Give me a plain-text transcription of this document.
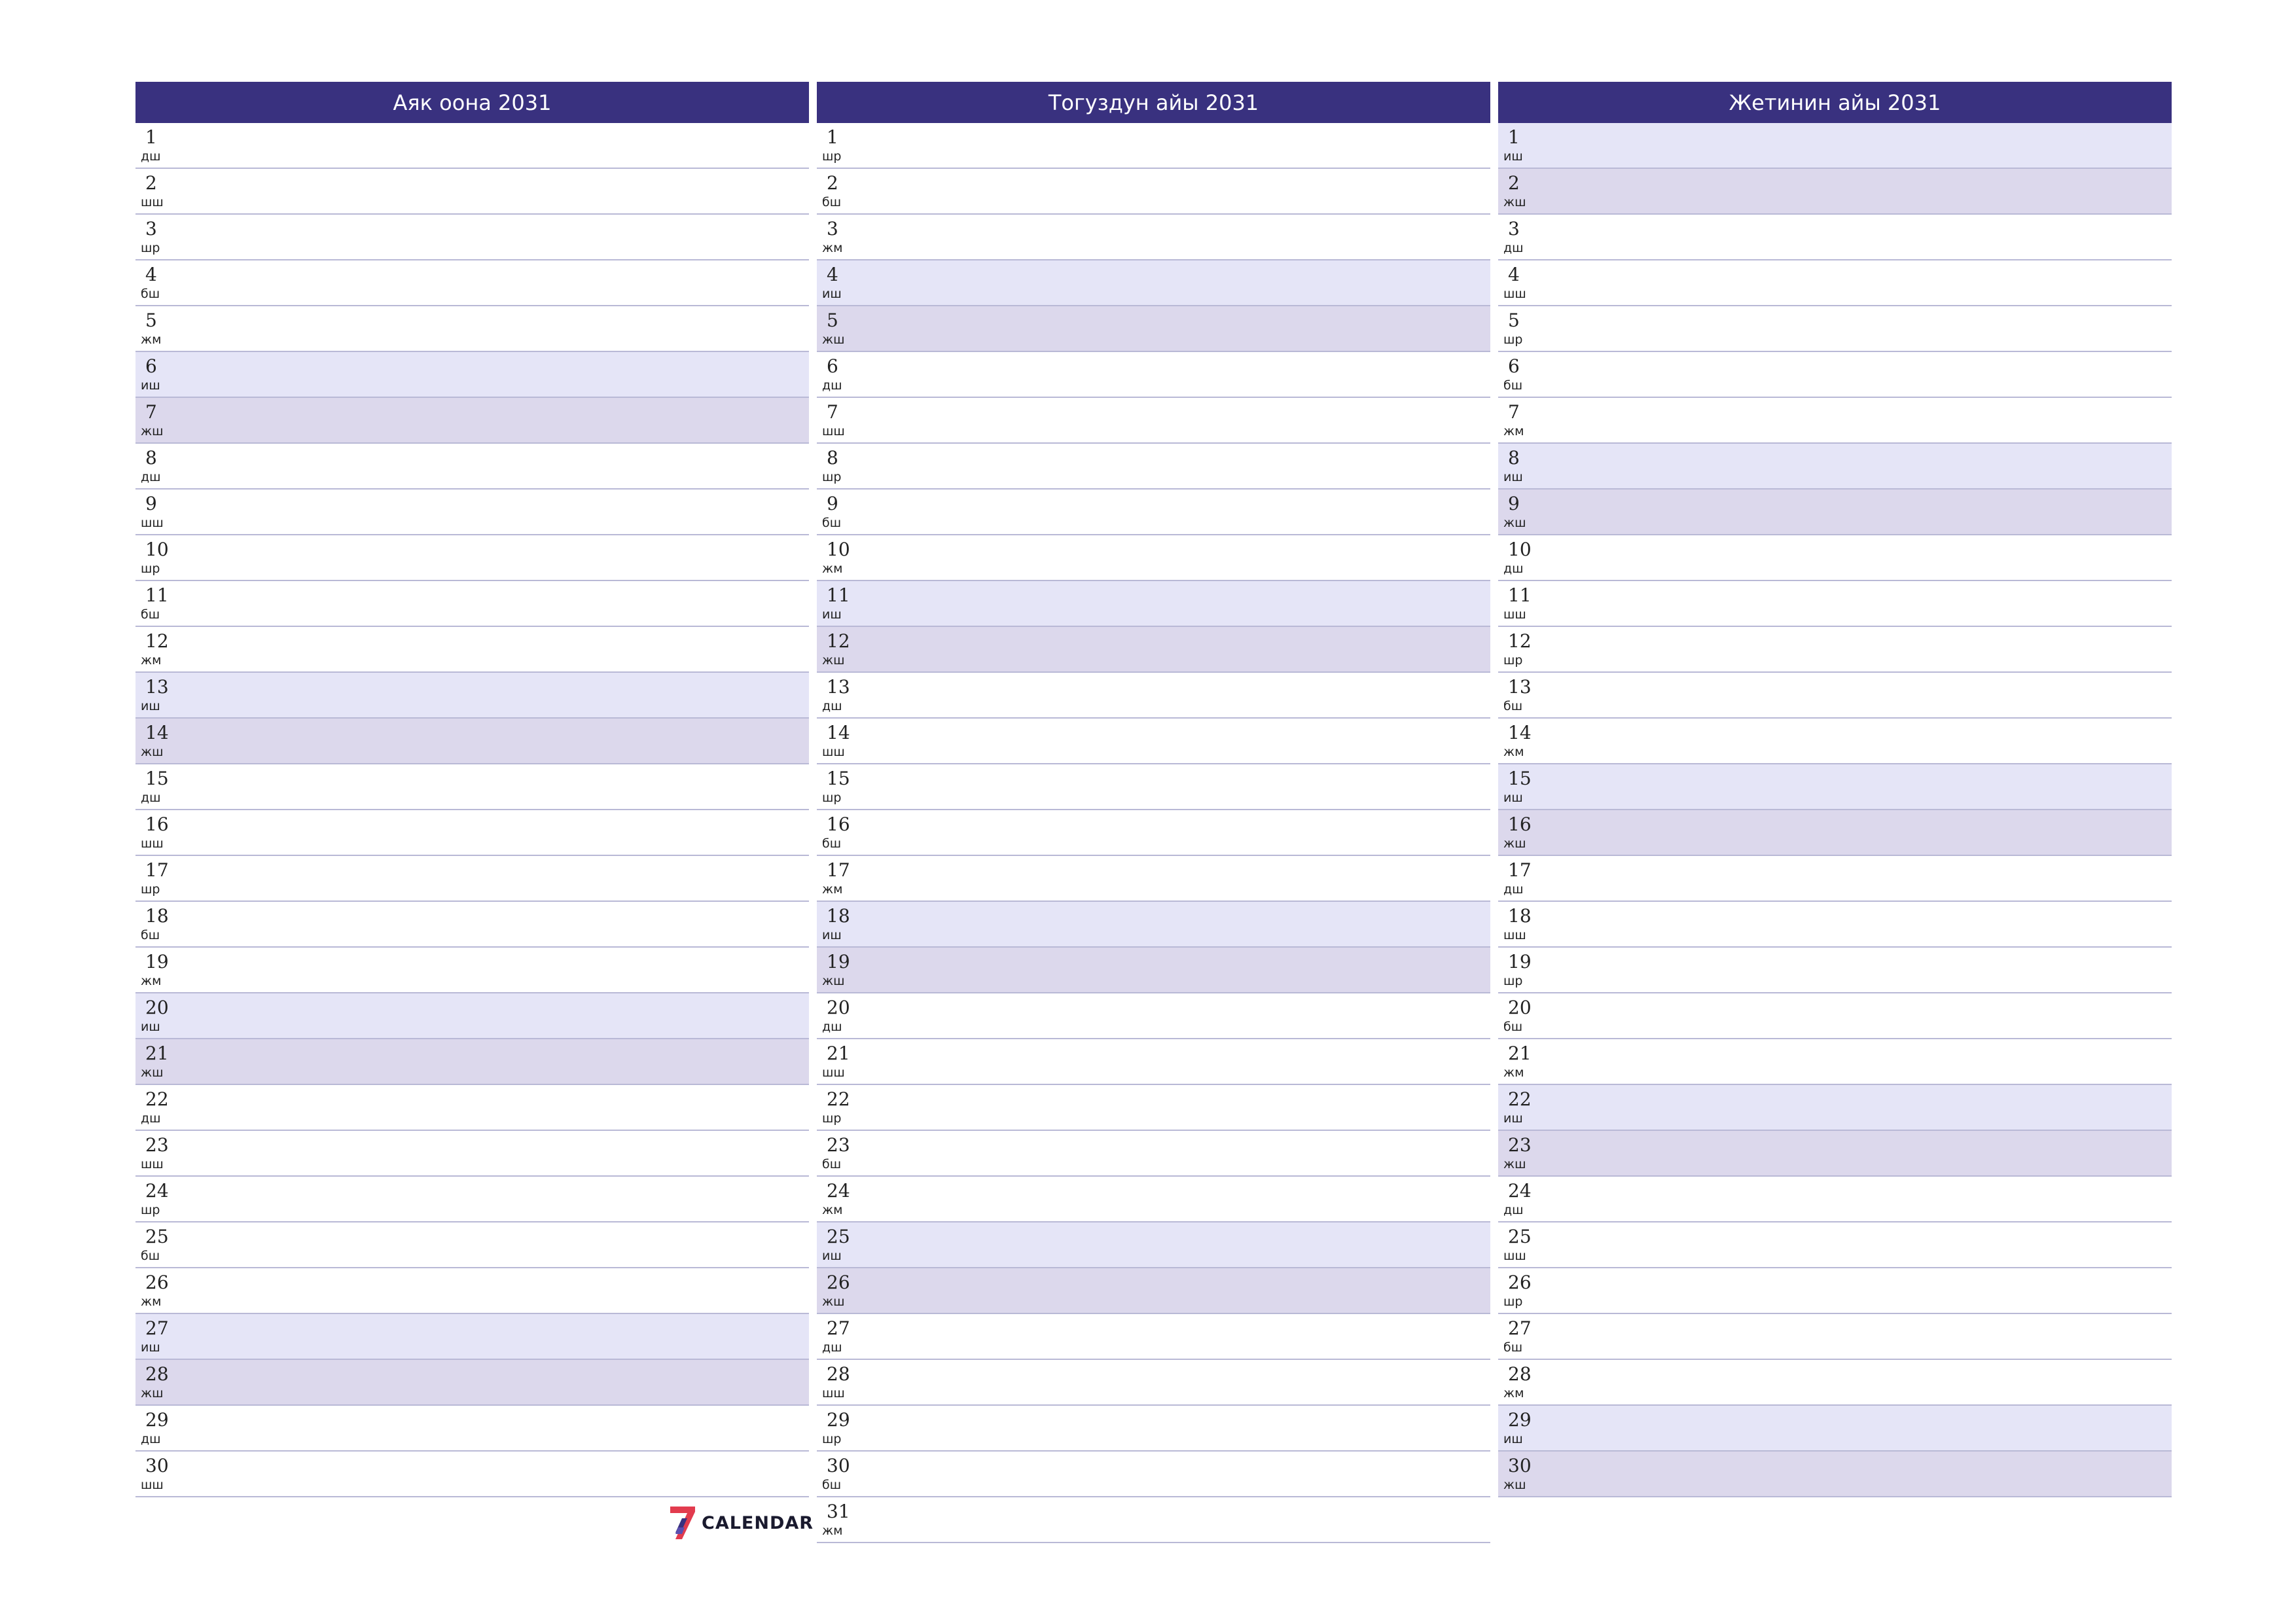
Аяк оона 2031
1
дш
2
шш
3
шр
4
бш
5
жм
6
иш
7
жш
8
дш
9
шш
10
шр
11
бш
12
жм
13
иш
14
жш
15
дш
16
шш
17
шр
18
бш
19
жм
20
иш
21
жш
22
дш
23
шш
24
шр
25
бш
26
жм
27
иш
28
жш
29
дш
30
шш
Тогуздун айы 2031
1
шр
2
бш
3
жм
4
иш
5
жш
6
дш
7
шш
8
шр
9
бш
10
жм
11
иш
12
жш
13
дш
14
шш
15
шр
16
бш
17
жм
18
иш
19
жш
20
дш
21
шш
22
шр
23
бш
24
жм
25
иш
26
жш
27
дш
28
шш
29
шр
30
бш
31
жм
Жетинин айы 2031
1
иш
2
жш
3
дш
4
шш
5
шр
6
бш
7
жм
8
иш
9
жш
10
дш
11
шш
12
шр
13
бш
14
жм
15
иш
16
жш
17
дш
18
шш
19
шр
20
бш
21
жм
22
иш
23
жш
24
дш
25
шш
26
шр
27
бш
28
жм
29
иш
30
жш
CALENDAR
